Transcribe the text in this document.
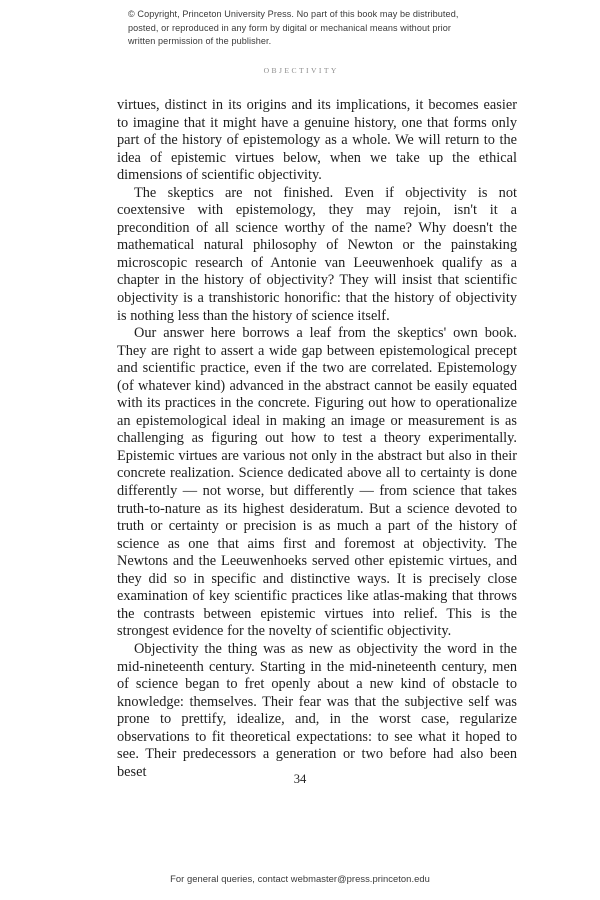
© Copyright, Princeton University Press. No part of this book may be distributed, posted, or reproduced in any form by digital or mechanical means without prior written permission of the publisher.
OBJECTIVITY

virtues, distinct in its origins and its implications, it becomes easier to imagine that it might have a genuine history, one that forms only part of the history of epistemology as a whole. We will return to the idea of epistemic virtues below, when we take up the ethical dimensions of scientific objectivity.

The skeptics are not finished. Even if objectivity is not coextensive with epistemology, they may rejoin, isn't it a precondition of all science worthy of the name? Why doesn't the mathematical natural philosophy of Newton or the painstaking microscopic research of Antonie van Leeuwenhoek qualify as a chapter in the history of objectivity? They will insist that scientific objectivity is a transhistoric honorific: that the history of objectivity is nothing less than the history of science itself.

Our answer here borrows a leaf from the skeptics' own book. They are right to assert a wide gap between epistemological precept and scientific practice, even if the two are correlated. Epistemology (of whatever kind) advanced in the abstract cannot be easily equated with its practices in the concrete. Figuring out how to operationalize an epistemological ideal in making an image or measurement is as challenging as figuring out how to test a theory experimentally. Epistemic virtues are various not only in the abstract but also in their concrete realization. Science dedicated above all to certainty is done differently — not worse, but differently — from science that takes truth-to-nature as its highest desideratum. But a science devoted to truth or certainty or precision is as much a part of the history of science as one that aims first and foremost at objectivity. The Newtons and the Leeuwenhoeks served other epistemic virtues, and they did so in specific and distinctive ways. It is precisely close examination of key scientific practices like atlas-making that throws the contrasts between epistemic virtues into relief. This is the strongest evidence for the novelty of scientific objectivity.

Objectivity the thing was as new as objectivity the word in the mid-nineteenth century. Starting in the mid-nineteenth century, men of science began to fret openly about a new kind of obstacle to knowledge: themselves. Their fear was that the subjective self was prone to prettify, idealize, and, in the worst case, regularize observations to fit theoretical expectations: to see what it hoped to see. Their predecessors a generation or two before had also been beset	34
For general queries, contact webmaster@press.princeton.edu
